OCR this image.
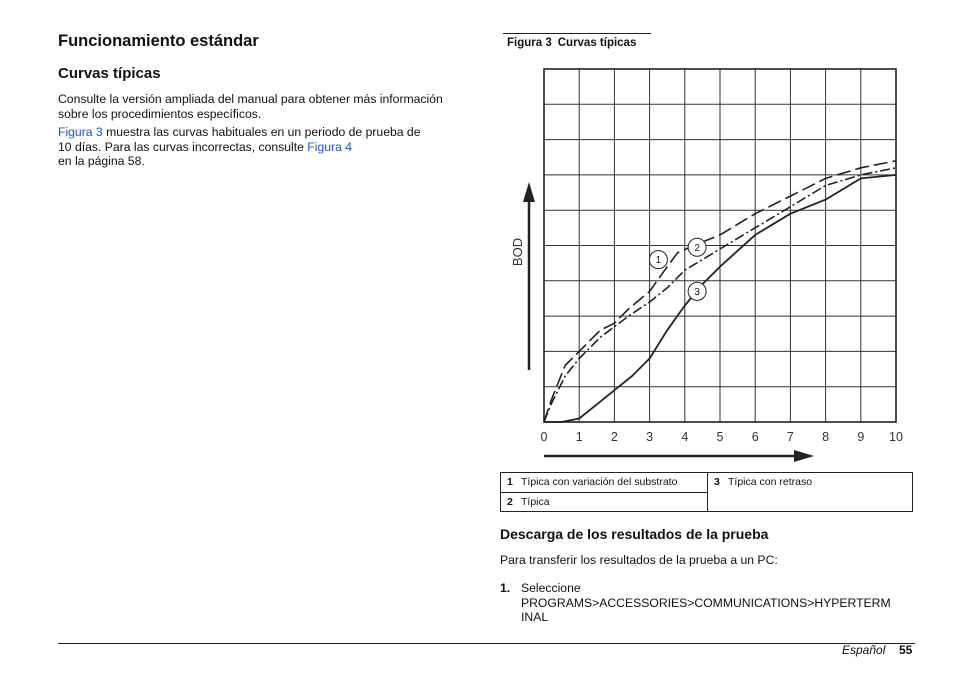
Funcionamiento estándar
Curvas típicas
Consulte la versión ampliada del manual para obtener más información
sobre los procedimientos específicos.
Figura 3 muestra las curvas habituales en un periodo de prueba de
10 días. Para las curvas incorrectas, consulte Figura 4
en la página 58.
Figura 3 Curvas típicas
1
2
3
0 1 2 3 4 5 6 7 8 9 10
BOD
1 Típica con variación del substrato
2 Típica
3 Típica con retraso
Descarga de los resultados de la prueba
Para transferir los resultados de la prueba a un PC:
1. Seleccione
PROGRAMS>ACCESSORIES>COMMUNICATIONS>HYPERTERM
INAL
Español 55
